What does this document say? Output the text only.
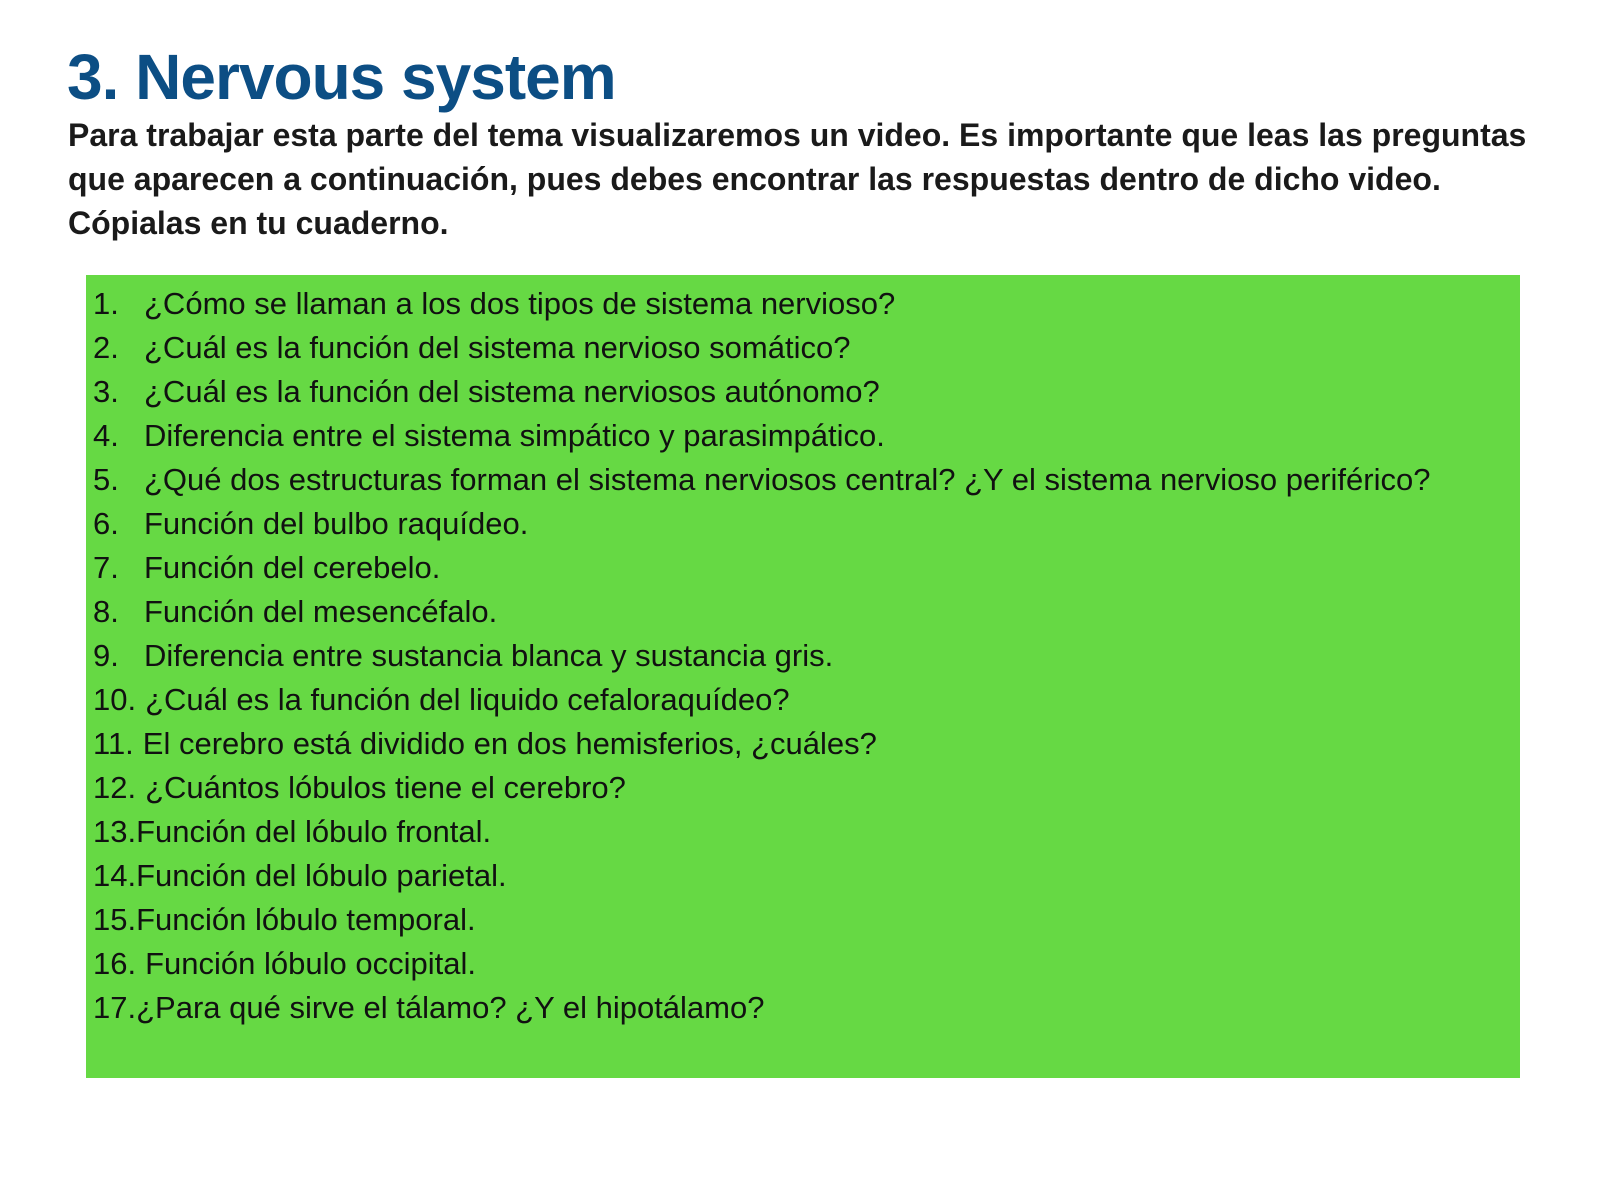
3. Nervous system

Para trabajar esta parte del tema visualizaremos un video. Es importante que leas las preguntas que aparecen a continuación, pues debes encontrar las respuestas dentro de dicho video. Cópialas en tu cuaderno.

1. ¿Cómo se llaman a los dos tipos de sistema nervioso?
2. ¿Cuál es la función del sistema nervioso somático?
3. ¿Cuál es la función del sistema nerviosos autónomo?
4. Diferencia entre el sistema simpático y parasimpático.
5. ¿Qué dos estructuras forman el sistema nerviosos central? ¿Y el sistema nervioso periférico?
6. Función del bulbo raquídeo.
7. Función del cerebelo.
8. Función del mesencéfalo.
9. Diferencia entre sustancia blanca y sustancia gris.
10. ¿Cuál es la función del liquido cefaloraquídeo?
11. El cerebro está dividido en dos hemisferios, ¿cuáles?
12. ¿Cuántos lóbulos tiene el cerebro?
13.Función del lóbulo frontal.
14.Función del lóbulo parietal.
15.Función lóbulo temporal.
16. Función lóbulo occipital.
17.¿Para qué sirve el tálamo? ¿Y el hipotálamo?
